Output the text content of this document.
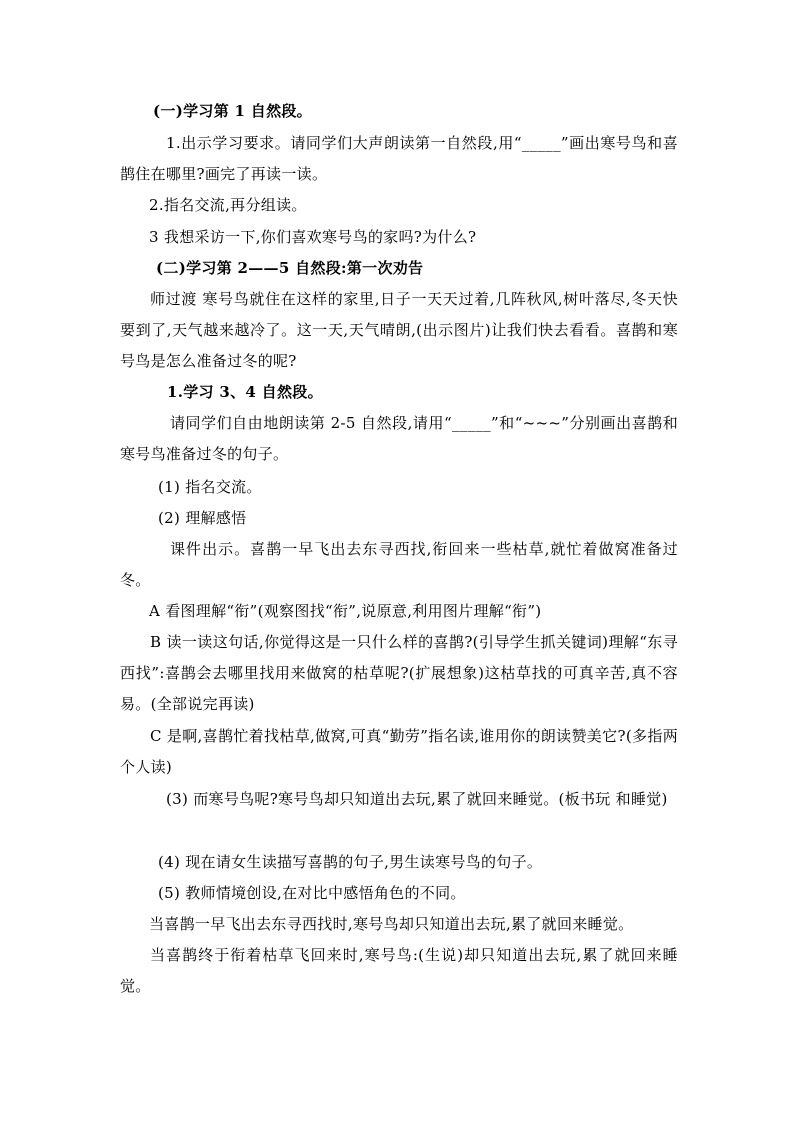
(一)学习第 1 自然段。
1.出示学习要求。请同学们大声朗读第一自然段,用“_____”画出寒号鸟和喜鹊住在哪里?画完了再读一读。
2.指名交流,再分组读。
3 我想采访一下,你们喜欢寒号鸟的家吗?为什么?
(二)学习第 2——5 自然段:第一次劝告
师过渡 寒号鸟就住在这样的家里,日子一天天过着,几阵秋风,树叶落尽,冬天快要到了,天气越来越冷了。这一天,天气晴朗,(出示图片)让我们快去看看。喜鹊和寒号鸟是怎么准备过冬的呢?
1.学习 3、4 自然段。
请同学们自由地朗读第 2-5 自然段,请用“_____”和“~~~”分别画出喜鹊和寒号鸟准备过冬的句子。
(1) 指名交流。
(2) 理解感悟
课件出示。喜鹊一早飞出去东寻西找,衔回来一些枯草,就忙着做窝准备过冬。
A 看图理解“衔”(观察图找“衔”,说原意,利用图片理解“衔”)
B 读一读这句话,你觉得这是一只什么样的喜鹊?(引导学生抓关键词)理解“东寻西找”:喜鹊会去哪里找用来做窝的枯草呢?(扩展想象)这枯草找的可真辛苦,真不容易。(全部说完再读)
C 是啊,喜鹊忙着找枯草,做窝,可真“勤劳”指名读,谁用你的朗读赞美它?(多指两个人读)
(3) 而寒号鸟呢?寒号鸟却只知道出去玩,累了就回来睡觉。(板书玩 和睡觉)
(4) 现在请女生读描写喜鹊的句子,男生读寒号鸟的句子。
(5) 教师情境创设,在对比中感悟角色的不同。
当喜鹊一早飞出去东寻西找时,寒号鸟却只知道出去玩,累了就回来睡觉。
当喜鹊终于衔着枯草飞回来时,寒号鸟:(生说)却只知道出去玩,累了就回来睡觉。
